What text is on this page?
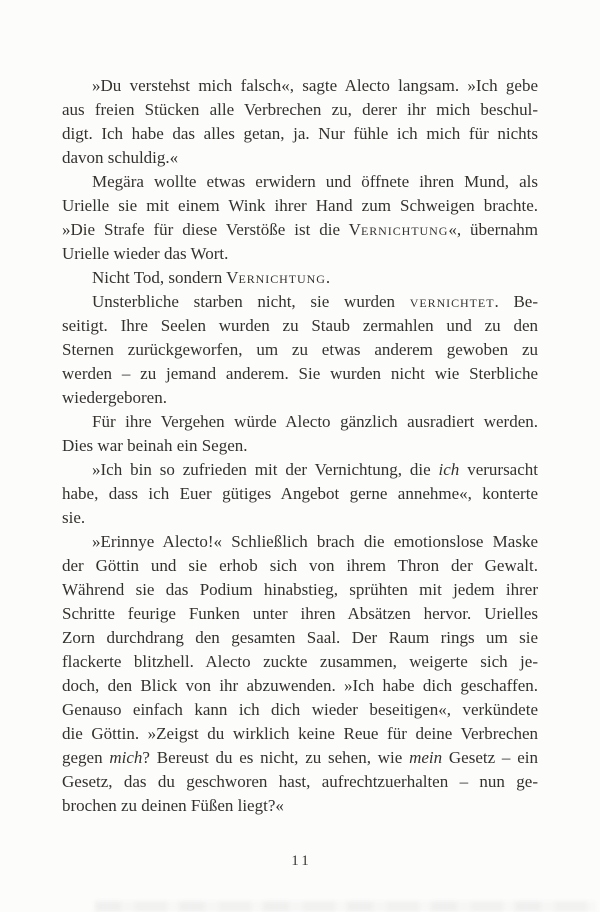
»Du verstehst mich falsch«, sagte Alecto langsam. »Ich gebe
aus freien Stücken alle Verbrechen zu, derer ihr mich beschul-
digt. Ich habe das alles getan, ja. Nur fühle ich mich für nichts
davon schuldig.«
Megära wollte etwas erwidern und öffnete ihren Mund, als
Urielle sie mit einem Wink ihrer Hand zum Schweigen brachte.
»Die Strafe für diese Verstöße ist die Vernichtung«, übernahm
Urielle wieder das Wort.
Nicht Tod, sondern Vernichtung.
Unsterbliche starben nicht, sie wurden vernichtet. Be-
seitigt. Ihre Seelen wurden zu Staub zermahlen und zu den
Sternen zurückgeworfen, um zu etwas anderem gewoben zu
werden – zu jemand anderem. Sie wurden nicht wie Sterbliche
wiedergeboren.
Für ihre Vergehen würde Alecto gänzlich ausradiert werden.
Dies war beinah ein Segen.
»Ich bin so zufrieden mit der Vernichtung, die ich verursacht
habe, dass ich Euer gütiges Angebot gerne annehme«, konterte
sie.
»Erinnye Alecto!« Schließlich brach die emotionslose Maske
der Göttin und sie erhob sich von ihrem Thron der Gewalt.
Während sie das Podium hinabstieg, sprühten mit jedem ihrer
Schritte feurige Funken unter ihren Absätzen hervor. Urielles
Zorn durchdrang den gesamten Saal. Der Raum rings um sie
flackerte blitzhell. Alecto zuckte zusammen, weigerte sich je-
doch, den Blick von ihr abzuwenden. »Ich habe dich geschaffen.
Genauso einfach kann ich dich wieder beseitigen«, verkündete
die Göttin. »Zeigst du wirklich keine Reue für deine Verbrechen
gegen mich? Bereust du es nicht, zu sehen, wie mein Gesetz – ein
Gesetz, das du geschworen hast, aufrechtzuerhalten – nun ge-
brochen zu deinen Füßen liegt?«
11
